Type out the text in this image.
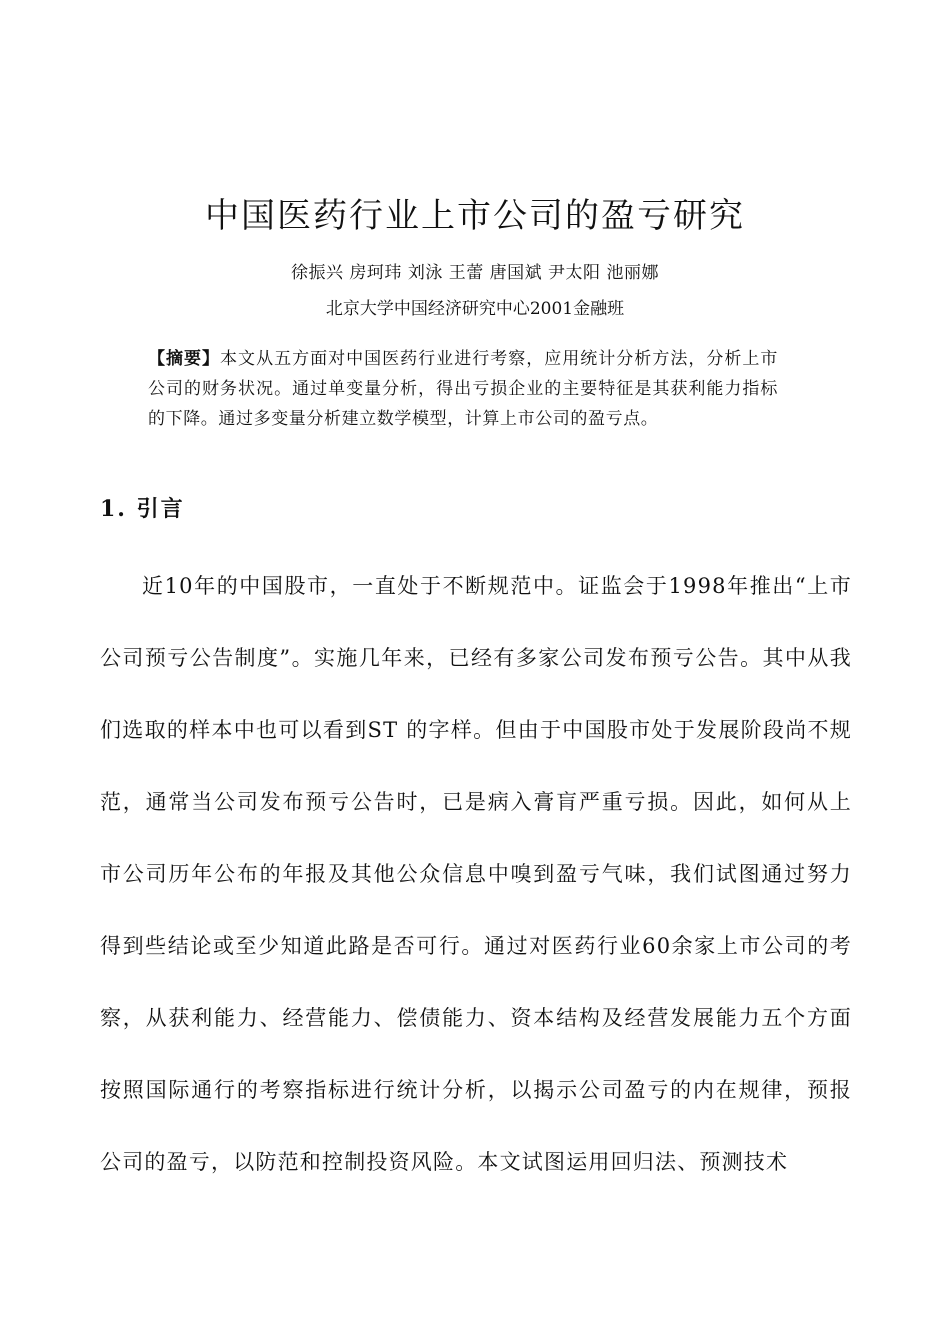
中国医药行业上市公司的盈亏研究
徐振兴 房珂玮 刘泳 王蕾 唐国斌 尹太阳 池丽娜
北京大学中国经济研究中心2001金融班
【摘要】本文从五方面对中国医药行业进行考察，应用统计分析方法，分析上市公司的财务状况。通过单变量分析，得出亏损企业的主要特征是其获利能力指标的下降。通过多变量分析建立数学模型，计算上市公司的盈亏点。
1. 引言

近10年的中国股市，一直处于不断规范中。证监会于1998年推出“上市公司预亏公告制度”。实施几年来，已经有多家公司发布预亏公告。其中从我们选取的样本中也可以看到ST 的字样。但由于中国股市处于发展阶段尚不规范，通常当公司发布预亏公告时，已是病入膏肓严重亏损。因此，如何从上市公司历年公布的年报及其他公众信息中嗅到盈亏气味，我们试图通过努力得到些结论或至少知道此路是否可行。通过对医药行业60余家上市公司的考察，从获利能力、经营能力、偿债能力、资本结构及经营发展能力五个方面按照国际通行的考察指标进行统计分析，以揭示公司盈亏的内在规律，预报公司的盈亏，以防范和控制投资风险。本文试图运用回归法、预测技术
